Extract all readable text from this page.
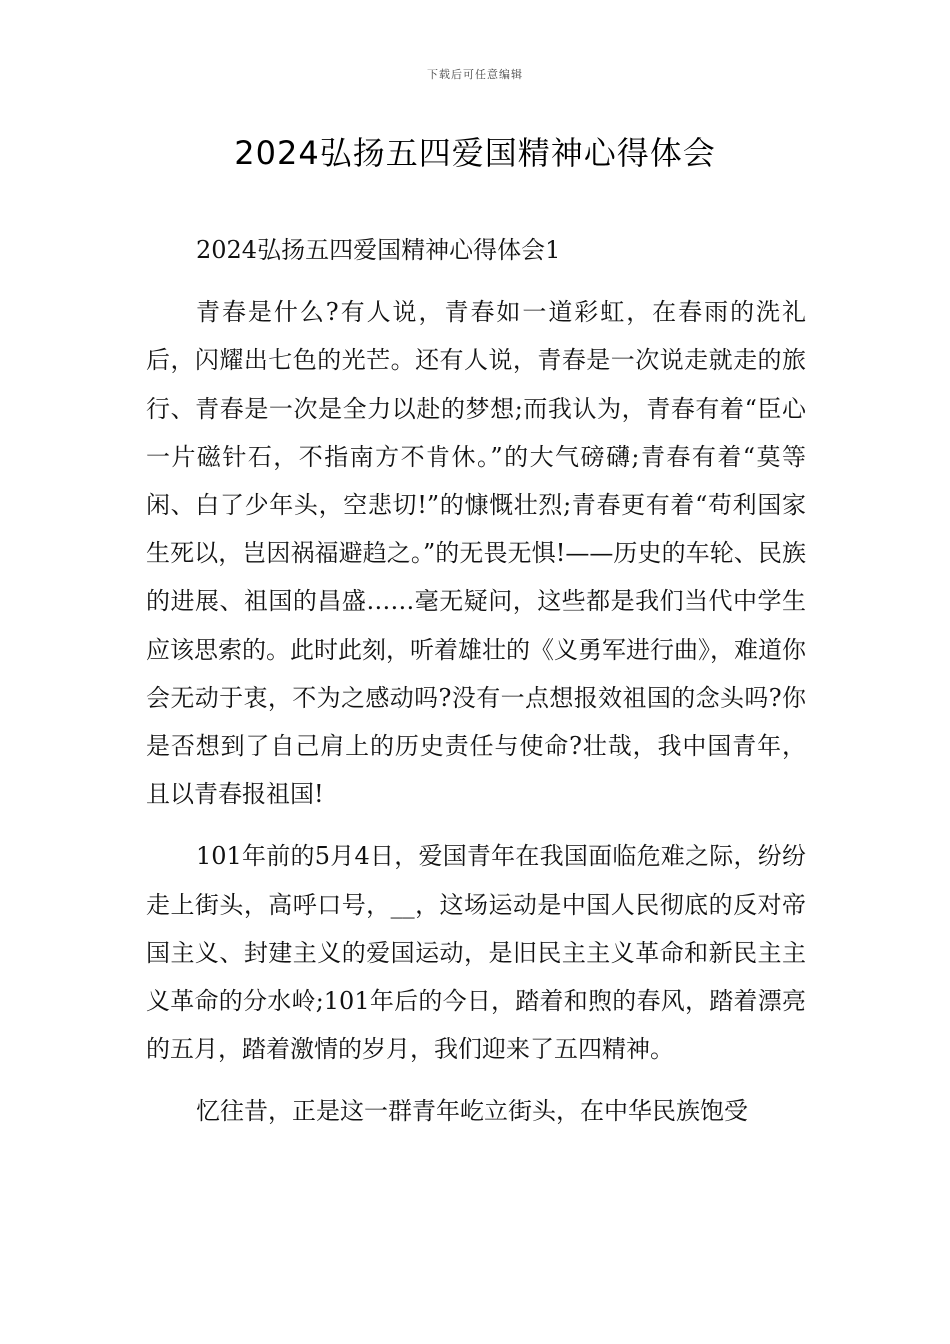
下载后可任意编辑
2024弘扬五四爱国精神心得体会

2024弘扬五四爱国精神心得体会1

青春是什么?有人说，青春如一道彩虹，在春雨的洗礼后，闪耀出七色的光芒。还有人说，青春是一次说走就走的旅行、青春是一次是全力以赴的梦想;而我认为，青春有着“臣心一片磁针石，不指南方不肯休。”的大气磅礴;青春有着“莫等闲、白了少年头，空悲切!”的慷慨壮烈;青春更有着“苟利国家生死以，岂因祸福避趋之。”的无畏无惧!——历史的车轮、民族的进展、祖国的昌盛……毫无疑问，这些都是我们当代中学生应该思索的。此时此刻，听着雄壮的《义勇军进行曲》，难道你会无动于衷，不为之感动吗?没有一点想报效祖国的念头吗?你是否想到了自己肩上的历史责任与使命?壮哉，我中国青年，且以青春报祖国!

101年前的5月4日，爱国青年在我国面临危难之际，纷纷走上街头，高呼口号，__，这场运动是中国人民彻底的反对帝国主义、封建主义的爱国运动，是旧民主主义革命和新民主主义革命的分水岭;101年后的今日，踏着和煦的春风，踏着漂亮的五月，踏着激情的岁月，我们迎来了五四精神。

忆往昔，正是这一群青年屹立街头，在中华民族饱受
